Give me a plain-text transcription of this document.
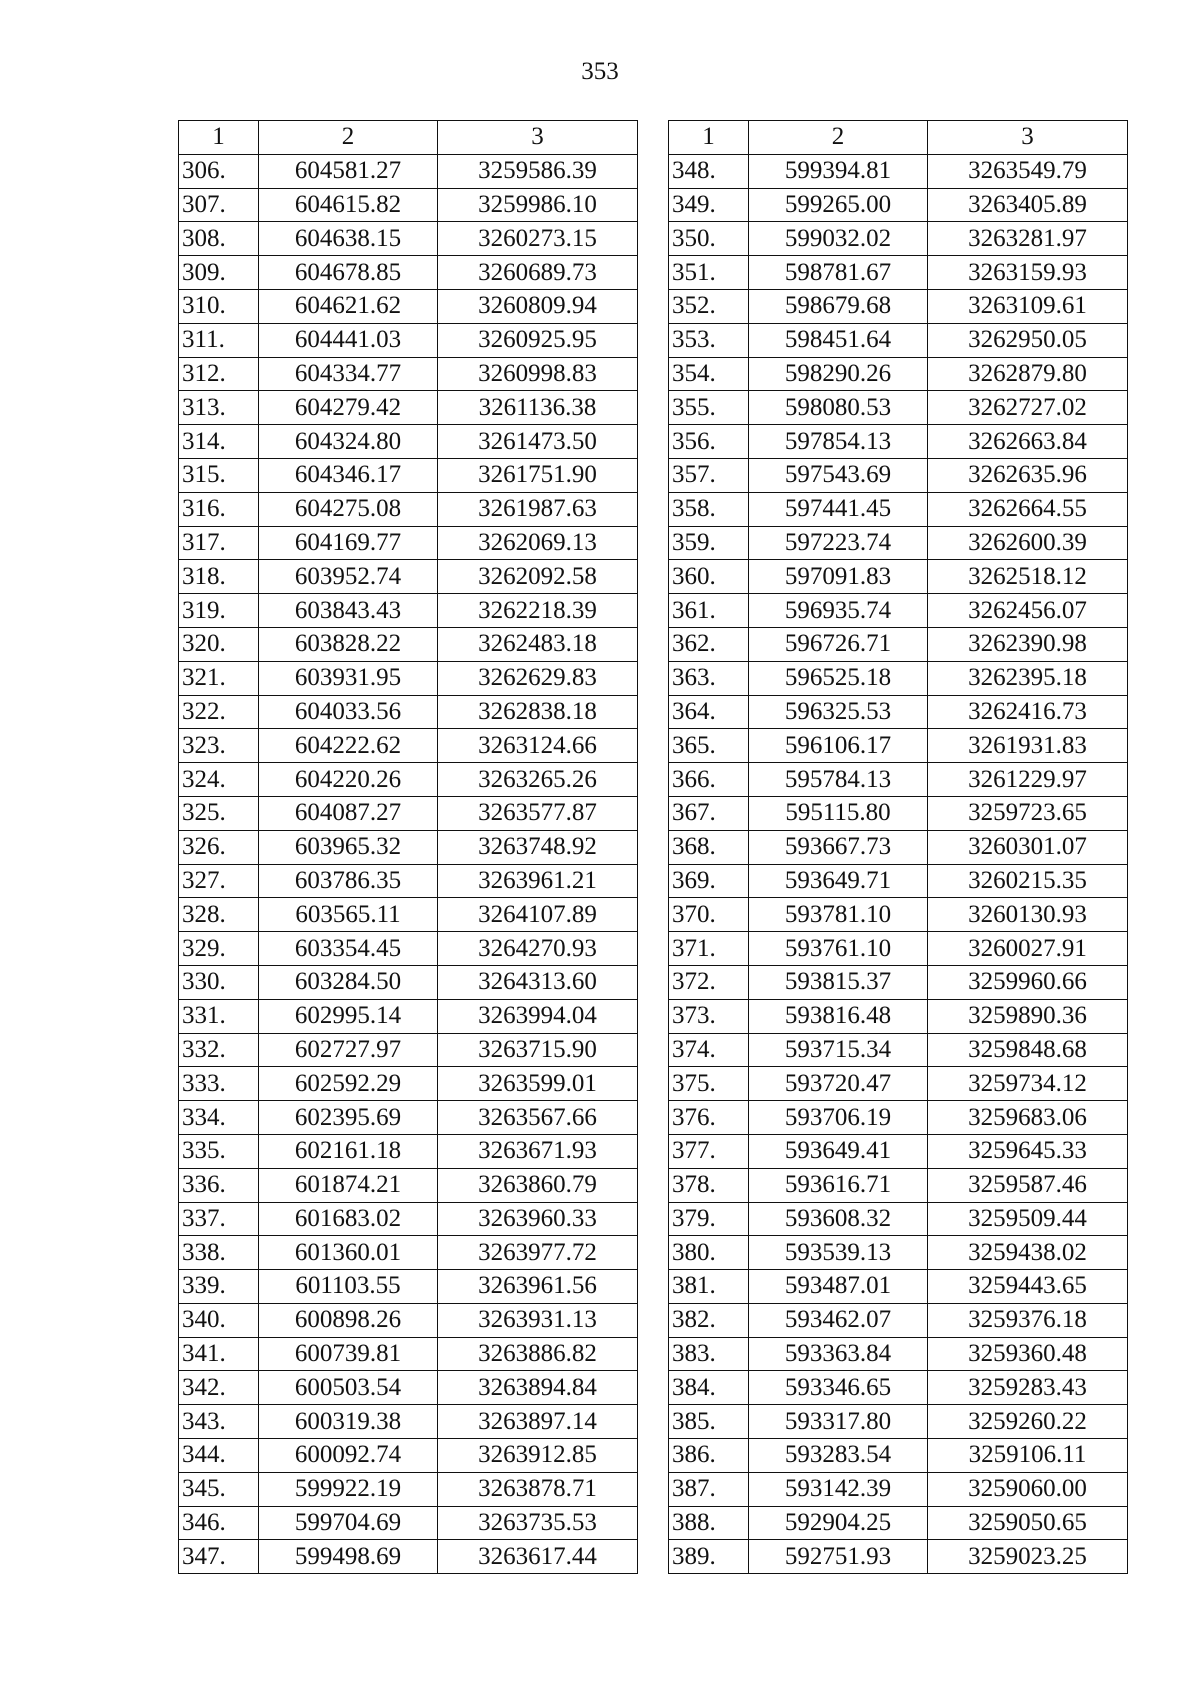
353
1	2	3
306.	604581.27	3259586.39
307.	604615.82	3259986.10
308.	604638.15	3260273.15
309.	604678.85	3260689.73
310.	604621.62	3260809.94
311.	604441.03	3260925.95
312.	604334.77	3260998.83
313.	604279.42	3261136.38
314.	604324.80	3261473.50
315.	604346.17	3261751.90
316.	604275.08	3261987.63
317.	604169.77	3262069.13
318.	603952.74	3262092.58
319.	603843.43	3262218.39
320.	603828.22	3262483.18
321.	603931.95	3262629.83
322.	604033.56	3262838.18
323.	604222.62	3263124.66
324.	604220.26	3263265.26
325.	604087.27	3263577.87
326.	603965.32	3263748.92
327.	603786.35	3263961.21
328.	603565.11	3264107.89
329.	603354.45	3264270.93
330.	603284.50	3264313.60
331.	602995.14	3263994.04
332.	602727.97	3263715.90
333.	602592.29	3263599.01
334.	602395.69	3263567.66
335.	602161.18	3263671.93
336.	601874.21	3263860.79
337.	601683.02	3263960.33
338.	601360.01	3263977.72
339.	601103.55	3263961.56
340.	600898.26	3263931.13
341.	600739.81	3263886.82
342.	600503.54	3263894.84
343.	600319.38	3263897.14
344.	600092.74	3263912.85
345.	599922.19	3263878.71
346.	599704.69	3263735.53
347.	599498.69	3263617.44
1	2	3
348.	599394.81	3263549.79
349.	599265.00	3263405.89
350.	599032.02	3263281.97
351.	598781.67	3263159.93
352.	598679.68	3263109.61
353.	598451.64	3262950.05
354.	598290.26	3262879.80
355.	598080.53	3262727.02
356.	597854.13	3262663.84
357.	597543.69	3262635.96
358.	597441.45	3262664.55
359.	597223.74	3262600.39
360.	597091.83	3262518.12
361.	596935.74	3262456.07
362.	596726.71	3262390.98
363.	596525.18	3262395.18
364.	596325.53	3262416.73
365.	596106.17	3261931.83
366.	595784.13	3261229.97
367.	595115.80	3259723.65
368.	593667.73	3260301.07
369.	593649.71	3260215.35
370.	593781.10	3260130.93
371.	593761.10	3260027.91
372.	593815.37	3259960.66
373.	593816.48	3259890.36
374.	593715.34	3259848.68
375.	593720.47	3259734.12
376.	593706.19	3259683.06
377.	593649.41	3259645.33
378.	593616.71	3259587.46
379.	593608.32	3259509.44
380.	593539.13	3259438.02
381.	593487.01	3259443.65
382.	593462.07	3259376.18
383.	593363.84	3259360.48
384.	593346.65	3259283.43
385.	593317.80	3259260.22
386.	593283.54	3259106.11
387.	593142.39	3259060.00
388.	592904.25	3259050.65
389.	592751.93	3259023.25
